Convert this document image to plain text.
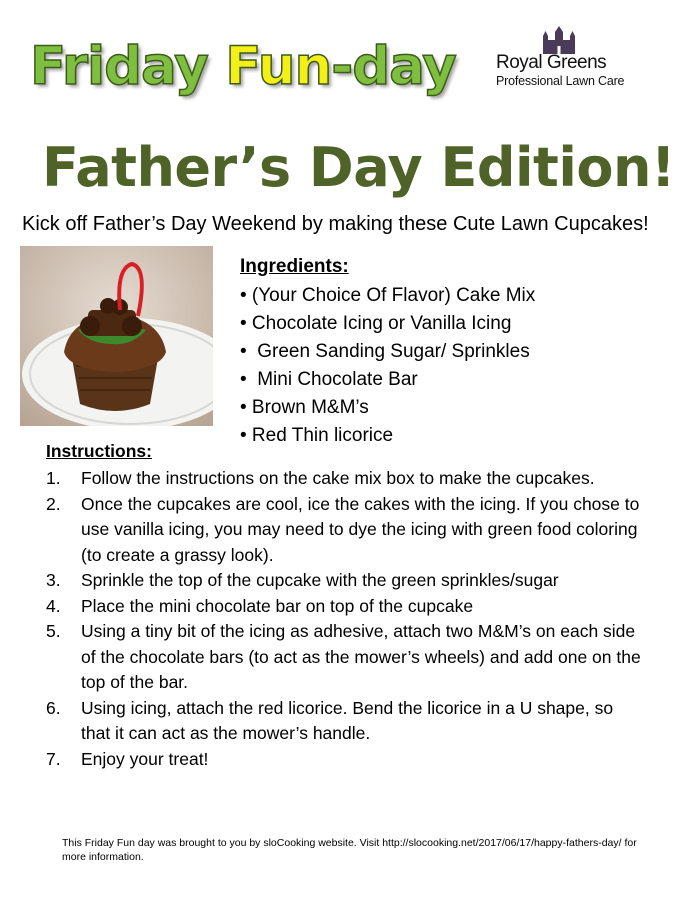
Friday Fun-day Royal Greens
Professional Lawn Care
Father’s Day Edition!
Kick off Father’s Day Weekend by making these Cute Lawn Cupcakes!
Ingredients:
• (Your Choice Of Flavor) Cake Mix
• Chocolate Icing or Vanilla Icing
•  Green Sanding Sugar/ Sprinkles
•  Mini Chocolate Bar
• Brown M&M’s
• Red Thin licorice
Instructions:
1. Follow the instructions on the cake mix box to make the cupcakes.
2. Once the cupcakes are cool, ice the cakes with the icing. If you chose to use vanilla icing, you may need to dye the icing with green food coloring (to create a grassy look).
3. Sprinkle the top of the cupcake with the green sprinkles/sugar
4. Place the mini chocolate bar on top of the cupcake
5. Using a tiny bit of the icing as adhesive, attach two M&M’s on each side of the chocolate bars (to act as the mower’s wheels) and add one on the top of the bar.
6. Using icing, attach the red licorice. Bend the licorice in a U shape, so that it can act as the mower’s handle.
7. Enjoy your treat!
This Friday Fun day was brought to you by sloCooking website. Visit http://slocooking.net/2017/06/17/happy-fathers-day/ for more information.
